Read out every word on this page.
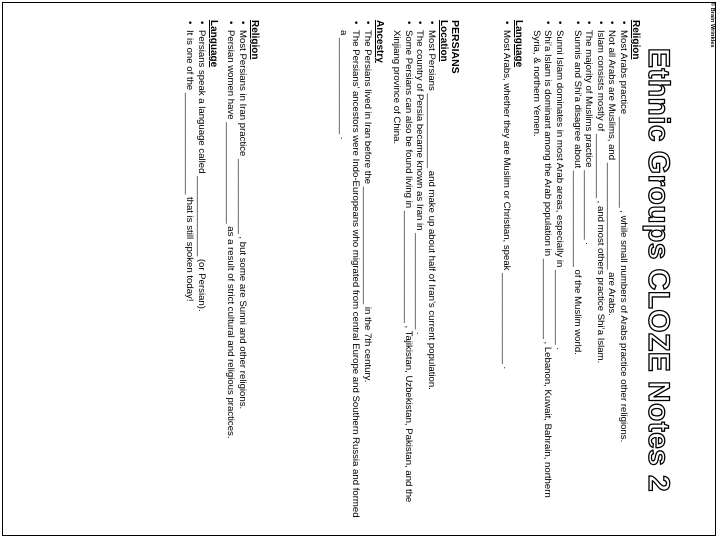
© Brain Wrinkles
Ethnic Groups CLOZE Notes 2
Religion
• Most Arabs practice _________________ , while small numbers of Arabs practice other religions.
• Not all Arabs are Muslims, and ____________________ are Arabs.
• Islam consists mostly of ____________ , and most others practice Shi’a Islam.
• The majority of Muslims practice _____________ .
• Sunnis and Shi’a disagree about __________________ of the Muslim world.
• Sunni Islam dominates in most Arab areas, especially in ______________ .
• Shi’a Islam is dominant among the Arab population in _______________ , Lebanon, Kuwait, Bahrain, northern Syria, & northern Yemen.
Language
• Most Arabs, whether they are Muslim or Christian, speak _________________ .
PERSIANS
Location
• Most Persians ______________ and make up about half of Iran’s current population.
• The country of Persia became known as Iran in __________________ .
• Some Persians can also be found living in _____________________ , Tajikistan, Uzbekistan, Pakistan, and the Xinjiang province of China.
Ancestry
• The Persians lived in Iran before the ______________________ in the 7th century.
• The Persians’ ancestors were Indo-Europeans who migrated from central Europe and Southern Russia and formed a __________________ .
Religion
• Most Persians in Iran practice ______________ , but some are Sunni and other religions.
• Persian women have ___________________ as a result of strict cultural and religious practices.
Language
• Persians speak a language called _______________ (or Persian).
• It is one of the ___________________ that is still spoken today!
